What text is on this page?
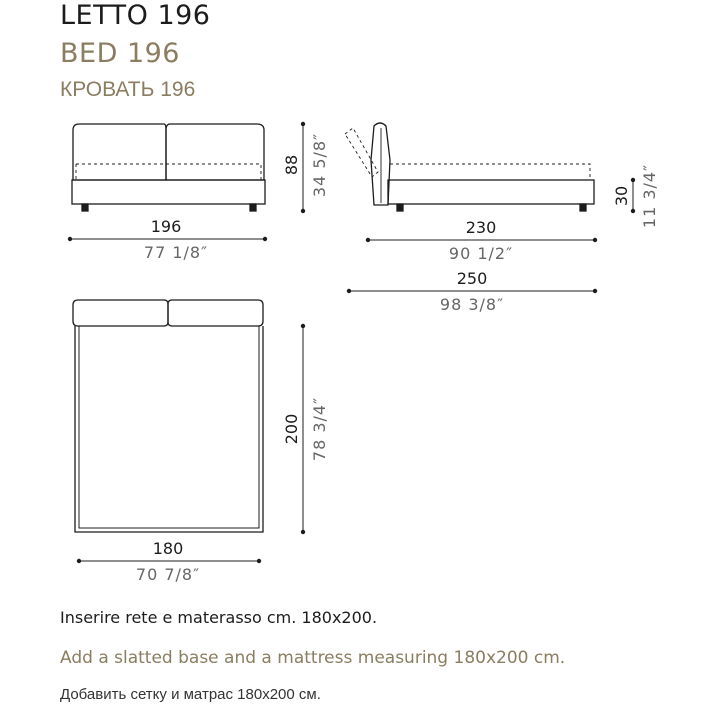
LETTO 196
BED 196
КРОВАТЬ 196
196
77 1/8″
88 34 5/8″
230
90 1/2″
250
98 3/8″
30 11 3/4″
200 78 3/4″
180
70 7/8″
Inserire rete e materasso cm. 180x200.
Add a slatted base and a mattress measuring 180x200 cm.
Добавить сетку и матрас 180x200 см.
